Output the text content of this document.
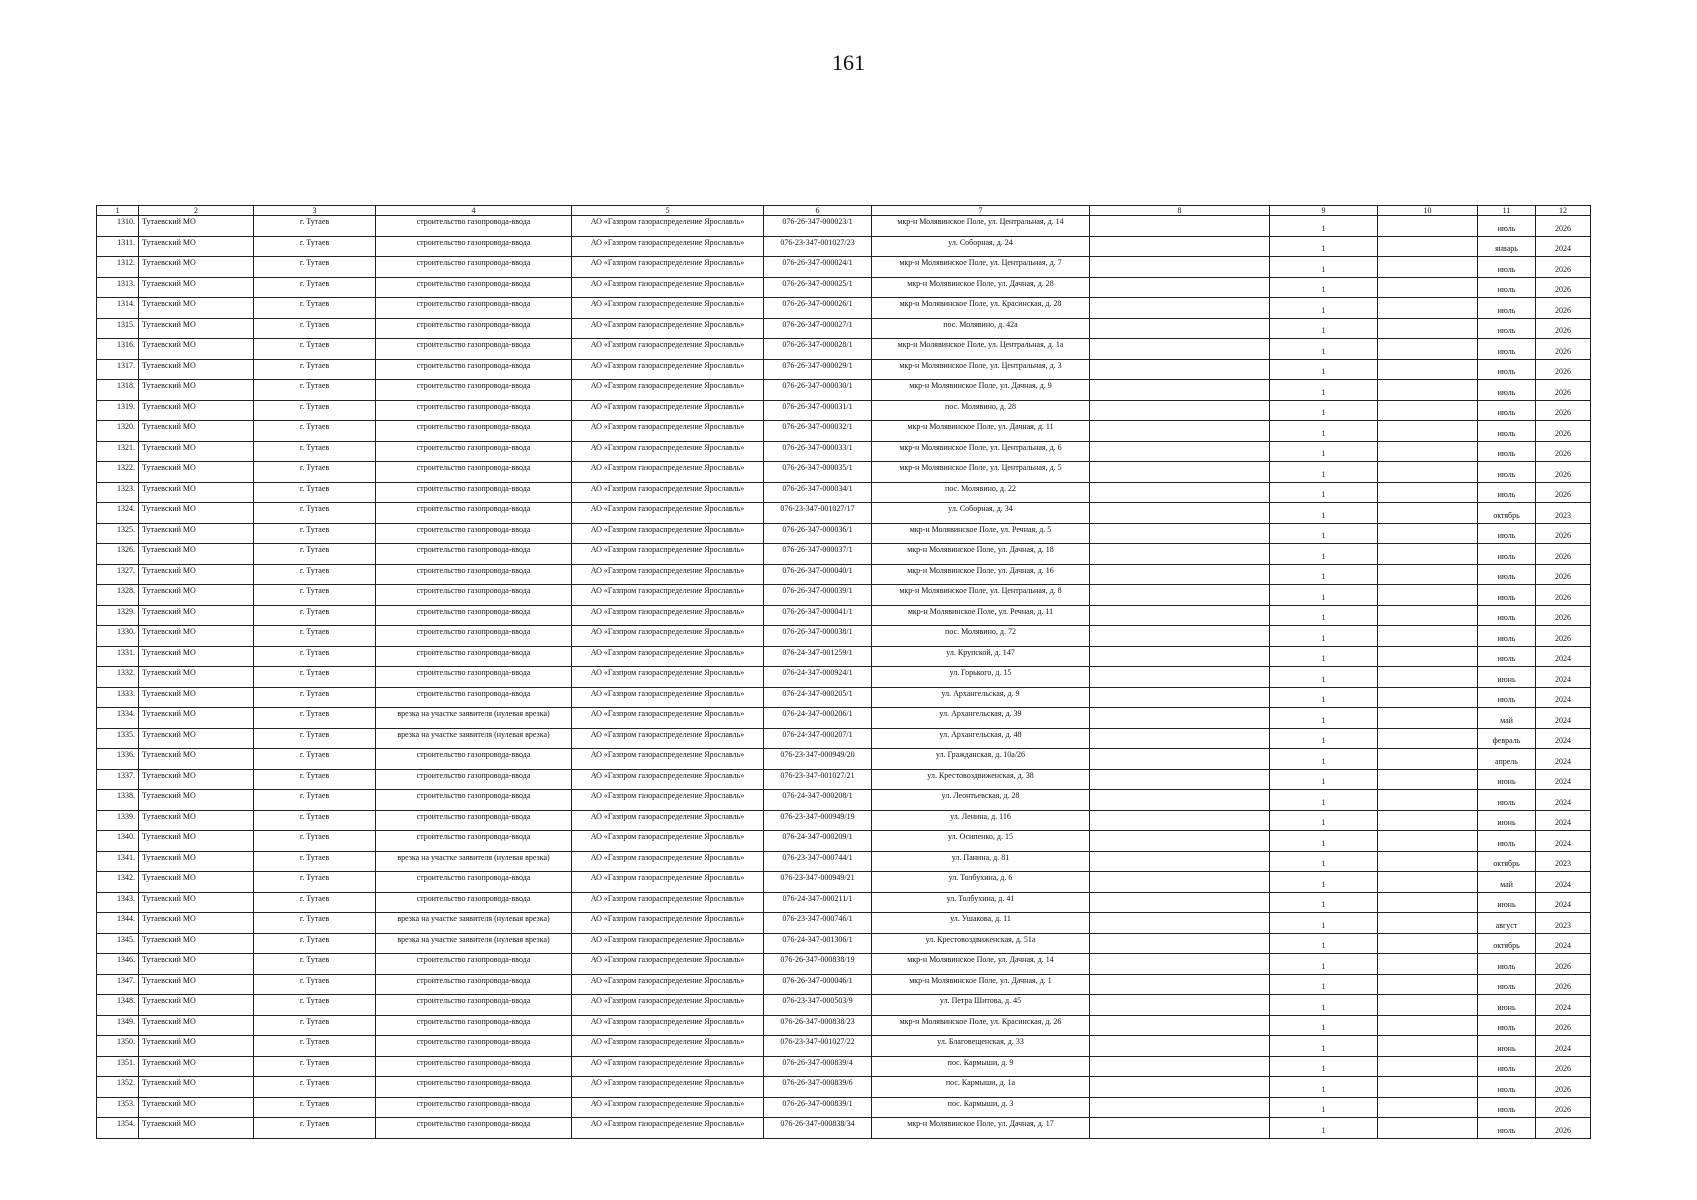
161
1	2	3	4	5	6	7	8	9	10	11	12
1310.	Тутаевский МО	г. Тутаев	строительство газопровода-ввода	АО «Газпром газораспределение Ярославль»	076-26-347-000023/1	мкр-н Молявинское Поле, ул. Центральная, д. 14		1		июль	2026
1311.	Тутаевский МО	г. Тутаев	строительство газопровода-ввода	АО «Газпром газораспределение Ярославль»	076-23-347-001027/23	ул. Соборная, д. 24		1		январь	2024
1312.	Тутаевский МО	г. Тутаев	строительство газопровода-ввода	АО «Газпром газораспределение Ярославль»	076-26-347-000024/1	мкр-н Молявинское Поле, ул. Центральная, д. 7		1		июль	2026
1313.	Тутаевский МО	г. Тутаев	строительство газопровода-ввода	АО «Газпром газораспределение Ярославль»	076-26-347-000025/1	мкр-н Молявинское Поле, ул. Дачная, д. 28		1		июль	2026
1314.	Тутаевский МО	г. Тутаев	строительство газопровода-ввода	АО «Газпром газораспределение Ярославль»	076-26-347-000026/1	мкр-н Молявинское Поле, ул. Красинская, д. 28		1		июль	2026
1315.	Тутаевский МО	г. Тутаев	строительство газопровода-ввода	АО «Газпром газораспределение Ярославль»	076-26-347-000027/1	пос. Молявино, д. 42а		1		июль	2026
1316.	Тутаевский МО	г. Тутаев	строительство газопровода-ввода	АО «Газпром газораспределение Ярославль»	076-26-347-000028/1	мкр-н Молявинское Поле, ул. Центральная, д. 1а		1		июль	2026
1317.	Тутаевский МО	г. Тутаев	строительство газопровода-ввода	АО «Газпром газораспределение Ярославль»	076-26-347-000029/1	мкр-н Молявинское Поле, ул. Центральная, д. 3		1		июль	2026
1318.	Тутаевский МО	г. Тутаев	строительство газопровода-ввода	АО «Газпром газораспределение Ярославль»	076-26-347-000030/1	мкр-н Молявинское Поле, ул. Дачная, д. 9		1		июль	2026
1319.	Тутаевский МО	г. Тутаев	строительство газопровода-ввода	АО «Газпром газораспределение Ярославль»	076-26-347-000031/1	пос. Молявино, д. 28		1		июль	2026
1320.	Тутаевский МО	г. Тутаев	строительство газопровода-ввода	АО «Газпром газораспределение Ярославль»	076-26-347-000032/1	мкр-н Молявинское Поле, ул. Дачная, д. 11		1		июль	2026
1321.	Тутаевский МО	г. Тутаев	строительство газопровода-ввода	АО «Газпром газораспределение Ярославль»	076-26-347-000033/1	мкр-н Молявинское Поле, ул. Центральная, д. 6		1		июль	2026
1322.	Тутаевский МО	г. Тутаев	строительство газопровода-ввода	АО «Газпром газораспределение Ярославль»	076-26-347-000035/1	мкр-н Молявинское Поле, ул. Центральная, д. 5		1		июль	2026
1323.	Тутаевский МО	г. Тутаев	строительство газопровода-ввода	АО «Газпром газораспределение Ярославль»	076-26-347-000034/1	пос. Молявино, д. 22		1		июль	2026
1324.	Тутаевский МО	г. Тутаев	строительство газопровода-ввода	АО «Газпром газораспределение Ярославль»	076-23-347-001027/17	ул. Соборная, д. 34		1		октябрь	2023
1325.	Тутаевский МО	г. Тутаев	строительство газопровода-ввода	АО «Газпром газораспределение Ярославль»	076-26-347-000036/1	мкр-н Молявинское Поле, ул. Речная, д. 5		1		июль	2026
1326.	Тутаевский МО	г. Тутаев	строительство газопровода-ввода	АО «Газпром газораспределение Ярославль»	076-26-347-000037/1	мкр-н Молявинское Поле, ул. Дачная, д. 18		1		июль	2026
1327.	Тутаевский МО	г. Тутаев	строительство газопровода-ввода	АО «Газпром газораспределение Ярославль»	076-26-347-000040/1	мкр-н Молявинское Поле, ул. Дачная, д. 16		1		июль	2026
1328.	Тутаевский МО	г. Тутаев	строительство газопровода-ввода	АО «Газпром газораспределение Ярославль»	076-26-347-000039/1	мкр-н Молявинское Поле, ул. Центральная, д. 8		1		июль	2026
1329.	Тутаевский МО	г. Тутаев	строительство газопровода-ввода	АО «Газпром газораспределение Ярославль»	076-26-347-000041/1	мкр-н Молявинское Поле, ул. Речная, д. 11		1		июль	2026
1330.	Тутаевский МО	г. Тутаев	строительство газопровода-ввода	АО «Газпром газораспределение Ярославль»	076-26-347-000038/1	пос. Молявино, д. 72		1		июль	2026
1331.	Тутаевский МО	г. Тутаев	строительство газопровода-ввода	АО «Газпром газораспределение Ярославль»	076-24-347-001259/1	ул. Крупской, д. 147		1		июль	2024
1332.	Тутаевский МО	г. Тутаев	строительство газопровода-ввода	АО «Газпром газораспределение Ярославль»	076-24-347-000924/1	ул. Горького, д. 15		1		июнь	2024
1333.	Тутаевский МО	г. Тутаев	строительство газопровода-ввода	АО «Газпром газораспределение Ярославль»	076-24-347-000205/1	ул. Архангельская, д. 9		1		июль	2024
1334.	Тутаевский МО	г. Тутаев	врезка на участке заявителя (нулевая врезка)	АО «Газпром газораспределение Ярославль»	076-24-347-000206/1	ул. Архангельская, д. 39		1		май	2024
1335.	Тутаевский МО	г. Тутаев	врезка на участке заявителя (нулевая врезка)	АО «Газпром газораспределение Ярославль»	076-24-347-000207/1	ул. Архангельская, д. 48		1		февраль	2024
1336.	Тутаевский МО	г. Тутаев	строительство газопровода-ввода	АО «Газпром газораспределение Ярославль»	076-23-347-000949/20	ул. Гражданская, д. 10а/26		1		апрель	2024
1337.	Тутаевский МО	г. Тутаев	строительство газопровода-ввода	АО «Газпром газораспределение Ярославль»	076-23-347-001027/21	ул. Крестовоздвиженская, д. 38		1		июнь	2024
1338.	Тутаевский МО	г. Тутаев	строительство газопровода-ввода	АО «Газпром газораспределение Ярославль»	076-24-347-000208/1	ул. Леонтьевская, д. 28		1		июль	2024
1339.	Тутаевский МО	г. Тутаев	строительство газопровода-ввода	АО «Газпром газораспределение Ярославль»	076-23-347-000949/19	ул. Ленина, д. 116		1		июнь	2024
1340.	Тутаевский МО	г. Тутаев	строительство газопровода-ввода	АО «Газпром газораспределение Ярославль»	076-24-347-000209/1	ул. Осипенко, д. 15		1		июль	2024
1341.	Тутаевский МО	г. Тутаев	врезка на участке заявителя (нулевая врезка)	АО «Газпром газораспределение Ярославль»	076-23-347-000744/1	ул. Панина, д. 81		1		октябрь	2023
1342.	Тутаевский МО	г. Тутаев	строительство газопровода-ввода	АО «Газпром газораспределение Ярославль»	076-23-347-000949/21	ул. Толбухина, д. 6		1		май	2024
1343.	Тутаевский МО	г. Тутаев	строительство газопровода-ввода	АО «Газпром газораспределение Ярославль»	076-24-347-000211/1	ул. Толбухина, д. 41		1		июнь	2024
1344.	Тутаевский МО	г. Тутаев	врезка на участке заявителя (нулевая врезка)	АО «Газпром газораспределение Ярославль»	076-23-347-000746/1	ул. Ушакова, д. 11		1		август	2023
1345.	Тутаевский МО	г. Тутаев	врезка на участке заявителя (нулевая врезка)	АО «Газпром газораспределение Ярославль»	076-24-347-001306/1	ул. Крестовоздвиженская, д. 51а		1		октябрь	2024
1346.	Тутаевский МО	г. Тутаев	строительство газопровода-ввода	АО «Газпром газораспределение Ярославль»	076-26-347-000838/19	мкр-н Молявинское Поле, ул. Дачная, д. 14		1		июль	2026
1347.	Тутаевский МО	г. Тутаев	строительство газопровода-ввода	АО «Газпром газораспределение Ярославль»	076-26-347-000046/1	мкр-н Молявинское Поле, ул. Дачная, д. 1		1		июль	2026
1348.	Тутаевский МО	г. Тутаев	строительство газопровода-ввода	АО «Газпром газораспределение Ярославль»	076-23-347-000503/9	ул. Петра Шитова, д. 45		1		июнь	2024
1349.	Тутаевский МО	г. Тутаев	строительство газопровода-ввода	АО «Газпром газораспределение Ярославль»	076-26-347-000838/23	мкр-н Молявинское Поле, ул. Красинская, д. 26		1		июль	2026
1350.	Тутаевский МО	г. Тутаев	строительство газопровода-ввода	АО «Газпром газораспределение Ярославль»	076-23-347-001027/22	ул. Благовещенская, д. 33		1		июнь	2024
1351.	Тутаевский МО	г. Тутаев	строительство газопровода-ввода	АО «Газпром газораспределение Ярославль»	076-26-347-000839/4	пос. Кармыши, д. 9		1		июль	2026
1352.	Тутаевский МО	г. Тутаев	строительство газопровода-ввода	АО «Газпром газораспределение Ярославль»	076-26-347-000839/6	пос. Кармыши, д. 1а		1		июль	2026
1353.	Тутаевский МО	г. Тутаев	строительство газопровода-ввода	АО «Газпром газораспределение Ярославль»	076-26-347-000839/1	пос. Кармыши, д. 3		1		июль	2026
1354.	Тутаевский МО	г. Тутаев	строительство газопровода-ввода	АО «Газпром газораспределение Ярославль»	076-26-347-000838/34	мкр-н Молявинское Поле, ул. Дачная, д. 17		1		июль	2026
